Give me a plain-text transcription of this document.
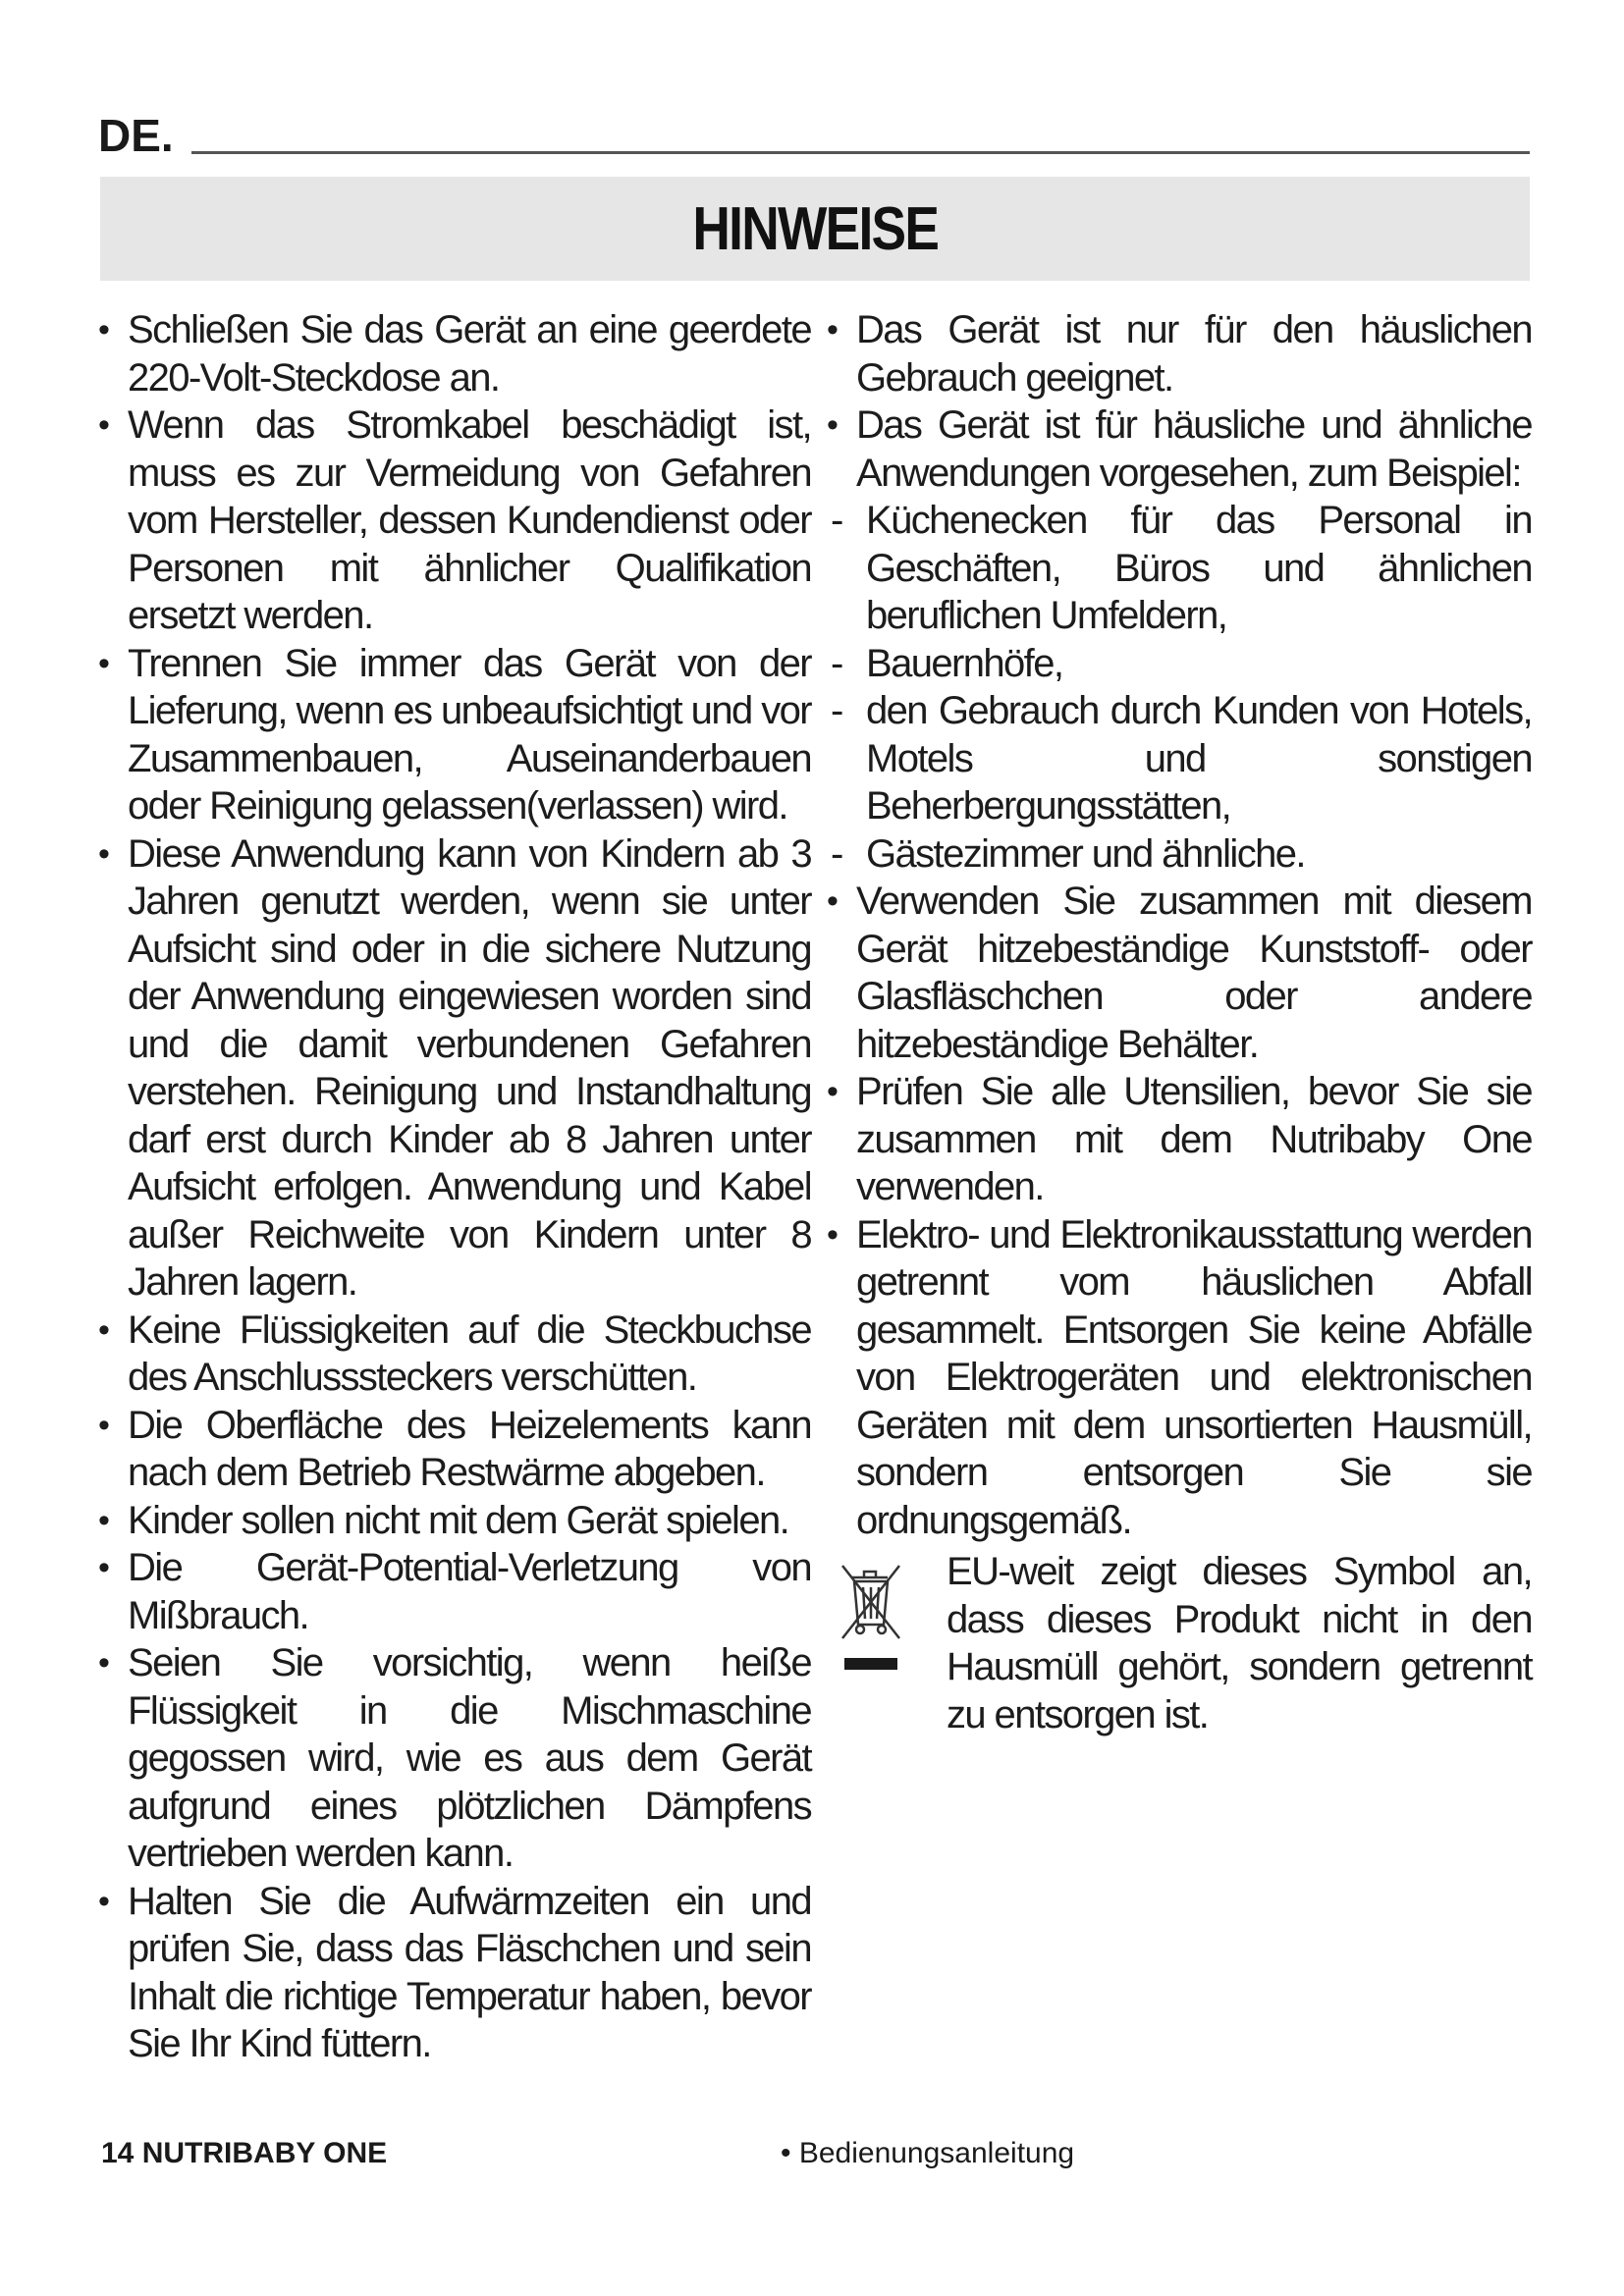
DE.
HINWEISE

• Schließen Sie das Gerät an eine geerdete 220-Volt-Steckdose an.

• Wenn das Stromkabel beschädigt ist, muss es zur Vermeidung von Gefahren vom Hersteller, dessen Kundendienst oder Personen mit ähnlicher Qualifikation ersetzt werden.

• Trennen Sie immer das Gerät von der Lieferung, wenn es unbeaufsichtigt und vor Zusammenbauen, Auseinanderbauen oder Reinigung gelassen(verlassen) wird.

• Diese Anwendung kann von Kindern ab 3 Jahren genutzt werden, wenn sie unter Aufsicht sind oder in die sichere Nutzung der Anwendung eingewiesen worden sind und die damit verbundenen Gefahren verstehen. Reinigung und Instandhaltung darf erst durch Kinder ab 8 Jahren unter Aufsicht erfolgen. Anwendung und Kabel außer Reichweite von Kindern unter 8 Jahren lagern.

• Keine Flüssigkeiten auf die Steckbuchse des Anschlusssteckers verschütten.

• Die Oberfläche des Heizelements kann nach dem Betrieb Restwärme abgeben.

• Kinder sollen nicht mit dem Gerät spielen.

• Die Gerät-Potential-Verletzung von Mißbrauch.

• Seien Sie vorsichtig, wenn heiße Flüssigkeit in die Mischmaschine gegossen wird, wie es aus dem Gerät aufgrund eines plötzlichen Dämpfens vertrieben werden kann.

• Halten Sie die Aufwärmzeiten ein und prüfen Sie, dass das Fläschchen und sein Inhalt die richtige Temperatur haben, bevor Sie Ihr Kind füttern.

• Das Gerät ist nur für den häuslichen Gebrauch geeignet.

• Das Gerät ist für häusliche und ähnliche Anwendungen vorgesehen, zum Beispiel:

- Küchenecken für das Personal in Geschäften, Büros und ähnlichen beruflichen Umfeldern,

- Bauernhöfe,

- den Gebrauch durch Kunden von Hotels, Motels und sonstigen Beherbergungsstätten,

- Gästezimmer und ähnliche.

• Verwenden Sie zusammen mit diesem Gerät hitzebeständige Kunststoff- oder Glasfläschchen oder andere hitzebeständige Behälter.

• Prüfen Sie alle Utensilien, bevor Sie sie zusammen mit dem Nutribaby One verwenden.

• Elektro- und Elektronikausstattung werden getrennt vom häuslichen Abfall gesammelt. Entsorgen Sie keine Abfälle von Elektrogeräten und elektronischen Geräten mit dem unsortierten Hausmüll, sondern entsorgen Sie sie ordnungsgemäß.

EU-weit zeigt dieses Symbol an, dass dieses Produkt nicht in den Hausmüll gehört, sondern getrennt zu entsorgen ist.

14 NUTRIBABY ONE	• Bedienungsanleitung
